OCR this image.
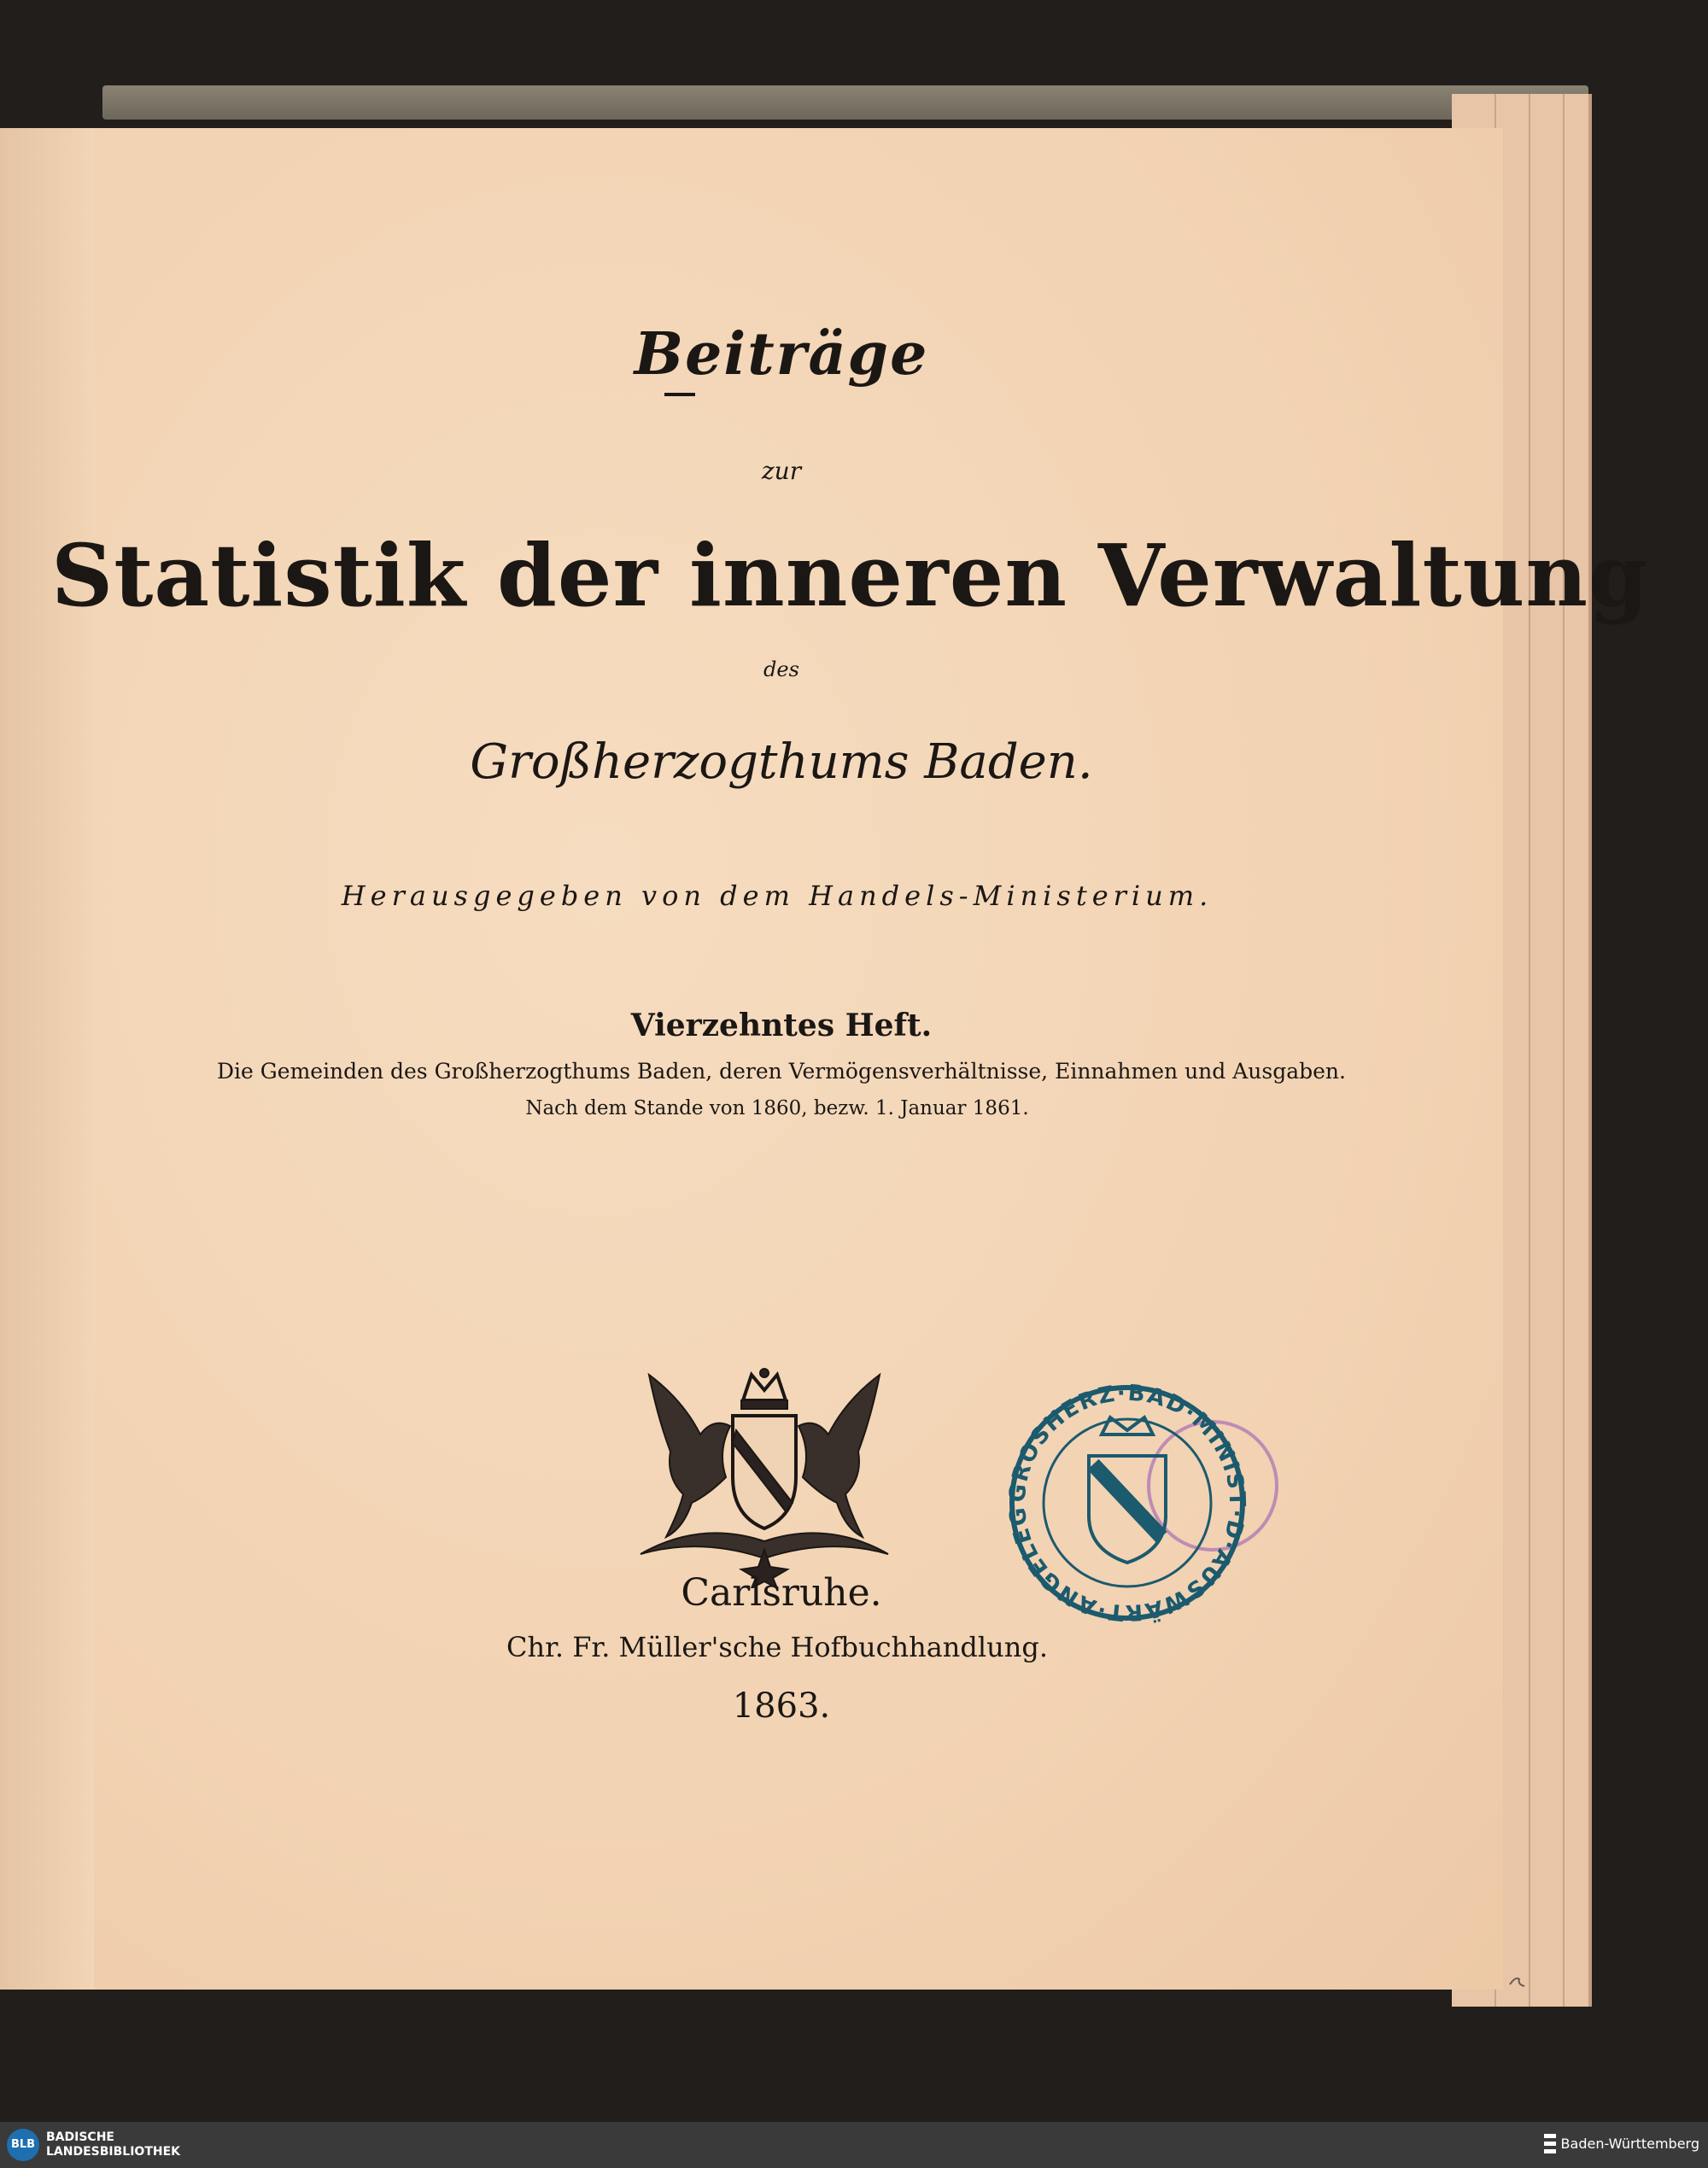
Beiträge
zur
Statistik der inneren Verwaltung
des
Großherzogthums Baden.
Herausgegeben von dem Handels-Ministerium.
Vierzehntes Heft.
Die Gemeinden des Großherzogthums Baden, deren Vermögensverhältnisse, Einnahmen und Ausgaben.
Nach dem Stande von 1860, bezw. 1. Januar 1861.
GROSHERZ·BAD·MINIST·D·AUSWÄRT·ANGELEG
Carlsruhe.
Chr. Fr. Müller'sche Hofbuchhandlung.
1863.
BLB
BADISCHE
LANDESBIBLIOTHEK	Baden-Württemberg
